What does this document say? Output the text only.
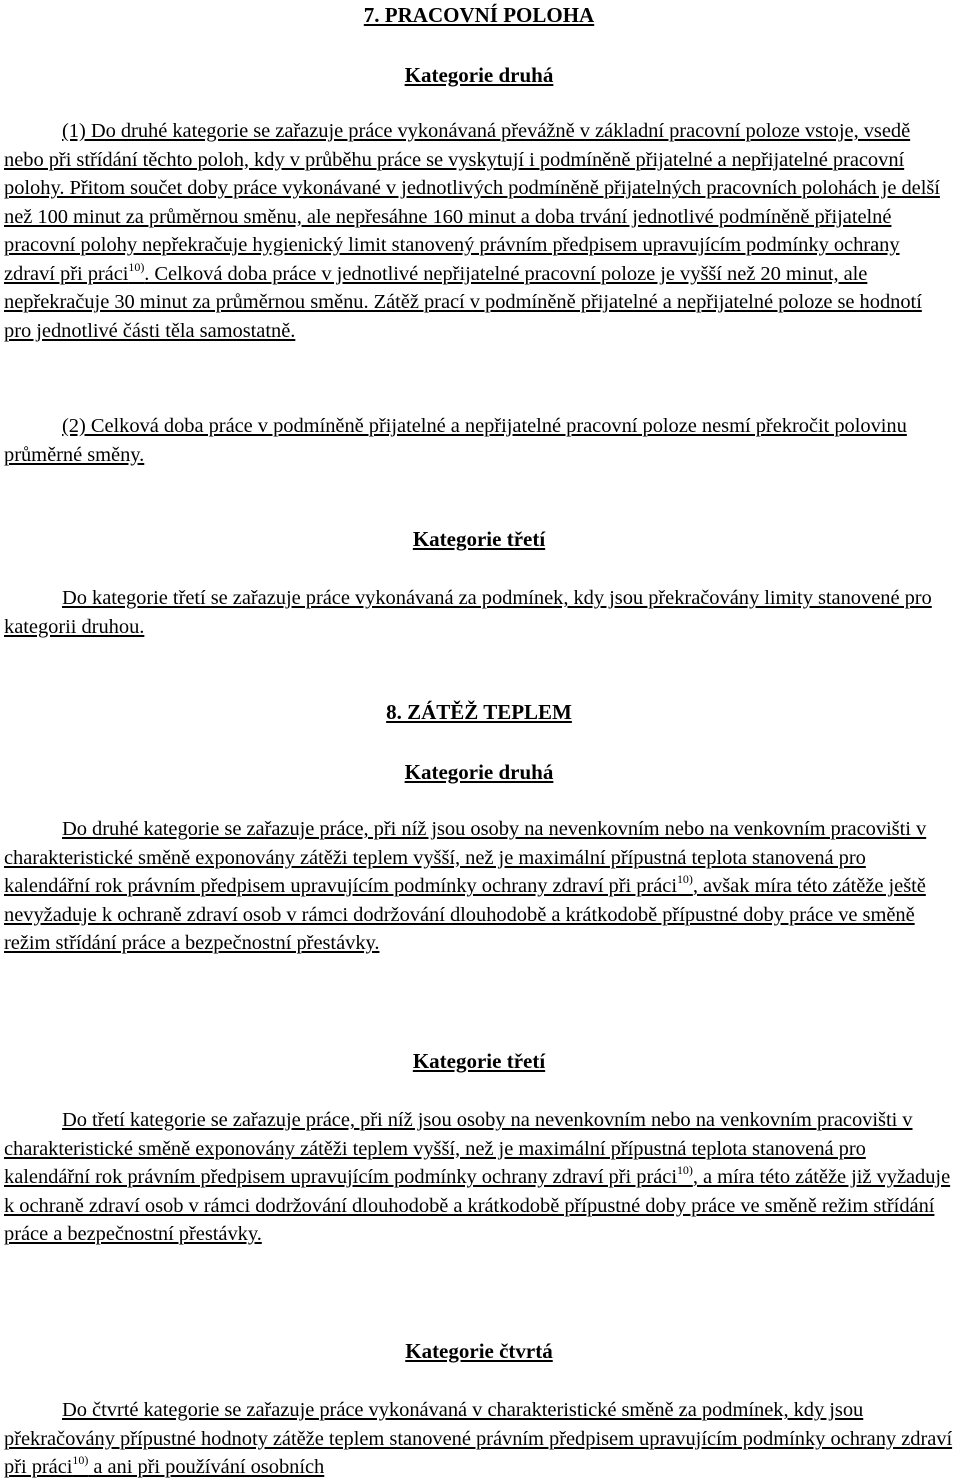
7. PRACOVNÍ POLOHA
Kategorie druhá

(1) Do druhé kategorie se zařazuje práce vykonávaná převážně v základní pracovní poloze vstoje, vsedě nebo při střídání těchto poloh, kdy v průběhu práce se vyskytují i podmíněně přijatelné a nepřijatelné pracovní polohy. Přitom součet doby práce vykonávané v jednotlivých podmíněně přijatelných pracovních polohách je delší než 100 minut za průměrnou směnu, ale nepřesáhne 160 minut a doba trvání jednotlivé podmíněně přijatelné pracovní polohy nepřekračuje hygienický limit stanovený právním předpisem upravujícím podmínky ochrany zdraví při práci$^{10)}$. Celková doba práce v jednotlivé nepřijatelné pracovní poloze je vyšší než 20 minut, ale nepřekračuje 30 minut za průměrnou směnu. Zátěž prací v podmíněně přijatelné a nepřijatelné poloze se hodnotí pro jednotlivé části těla samostatně.

(2) Celková doba práce v podmíněně přijatelné a nepřijatelné pracovní poloze nesmí překročit polovinu průměrné směny.

Kategorie třetí

Do kategorie třetí se zařazuje práce vykonávaná za podmínek, kdy jsou překračovány limity stanovené pro kategorii druhou.

8. ZÁTĚŽ TEPLEM
Kategorie druhá

Do druhé kategorie se zařazuje práce, při níž jsou osoby na nevenkovním nebo na venkovním pracovišti v charakteristické směně exponovány zátěži teplem vyšší, než je maximální přípustná teplota stanovená pro kalendářní rok právním předpisem upravujícím podmínky ochrany zdraví při práci$^{10)}$, avšak míra této zátěže ještě nevyžaduje k ochraně zdraví osob v rámci dodržování dlouhodobě a krátkodobě přípustné doby práce ve směně režim střídání práce a bezpečnostní přestávky.

Kategorie třetí

Do třetí kategorie se zařazuje práce, při níž jsou osoby na nevenkovním nebo na venkovním pracovišti v charakteristické směně exponovány zátěži teplem vyšší, než je maximální přípustná teplota stanovená pro kalendářní rok právním předpisem upravujícím podmínky ochrany zdraví při práci$^{10)}$, a míra této zátěže již vyžaduje k ochraně zdraví osob v rámci dodržování dlouhodobě a krátkodobě přípustné doby práce ve směně režim střídání práce a bezpečnostní přestávky.

Kategorie čtvrtá

Do čtvrté kategorie se zařazuje práce vykonávaná v charakteristické směně za podmínek, kdy jsou překračovány přípustné hodnoty zátěže teplem stanovené právním předpisem upravujícím podmínky ochrany zdraví při práci$^{10)}$ a ani při používání osobních
